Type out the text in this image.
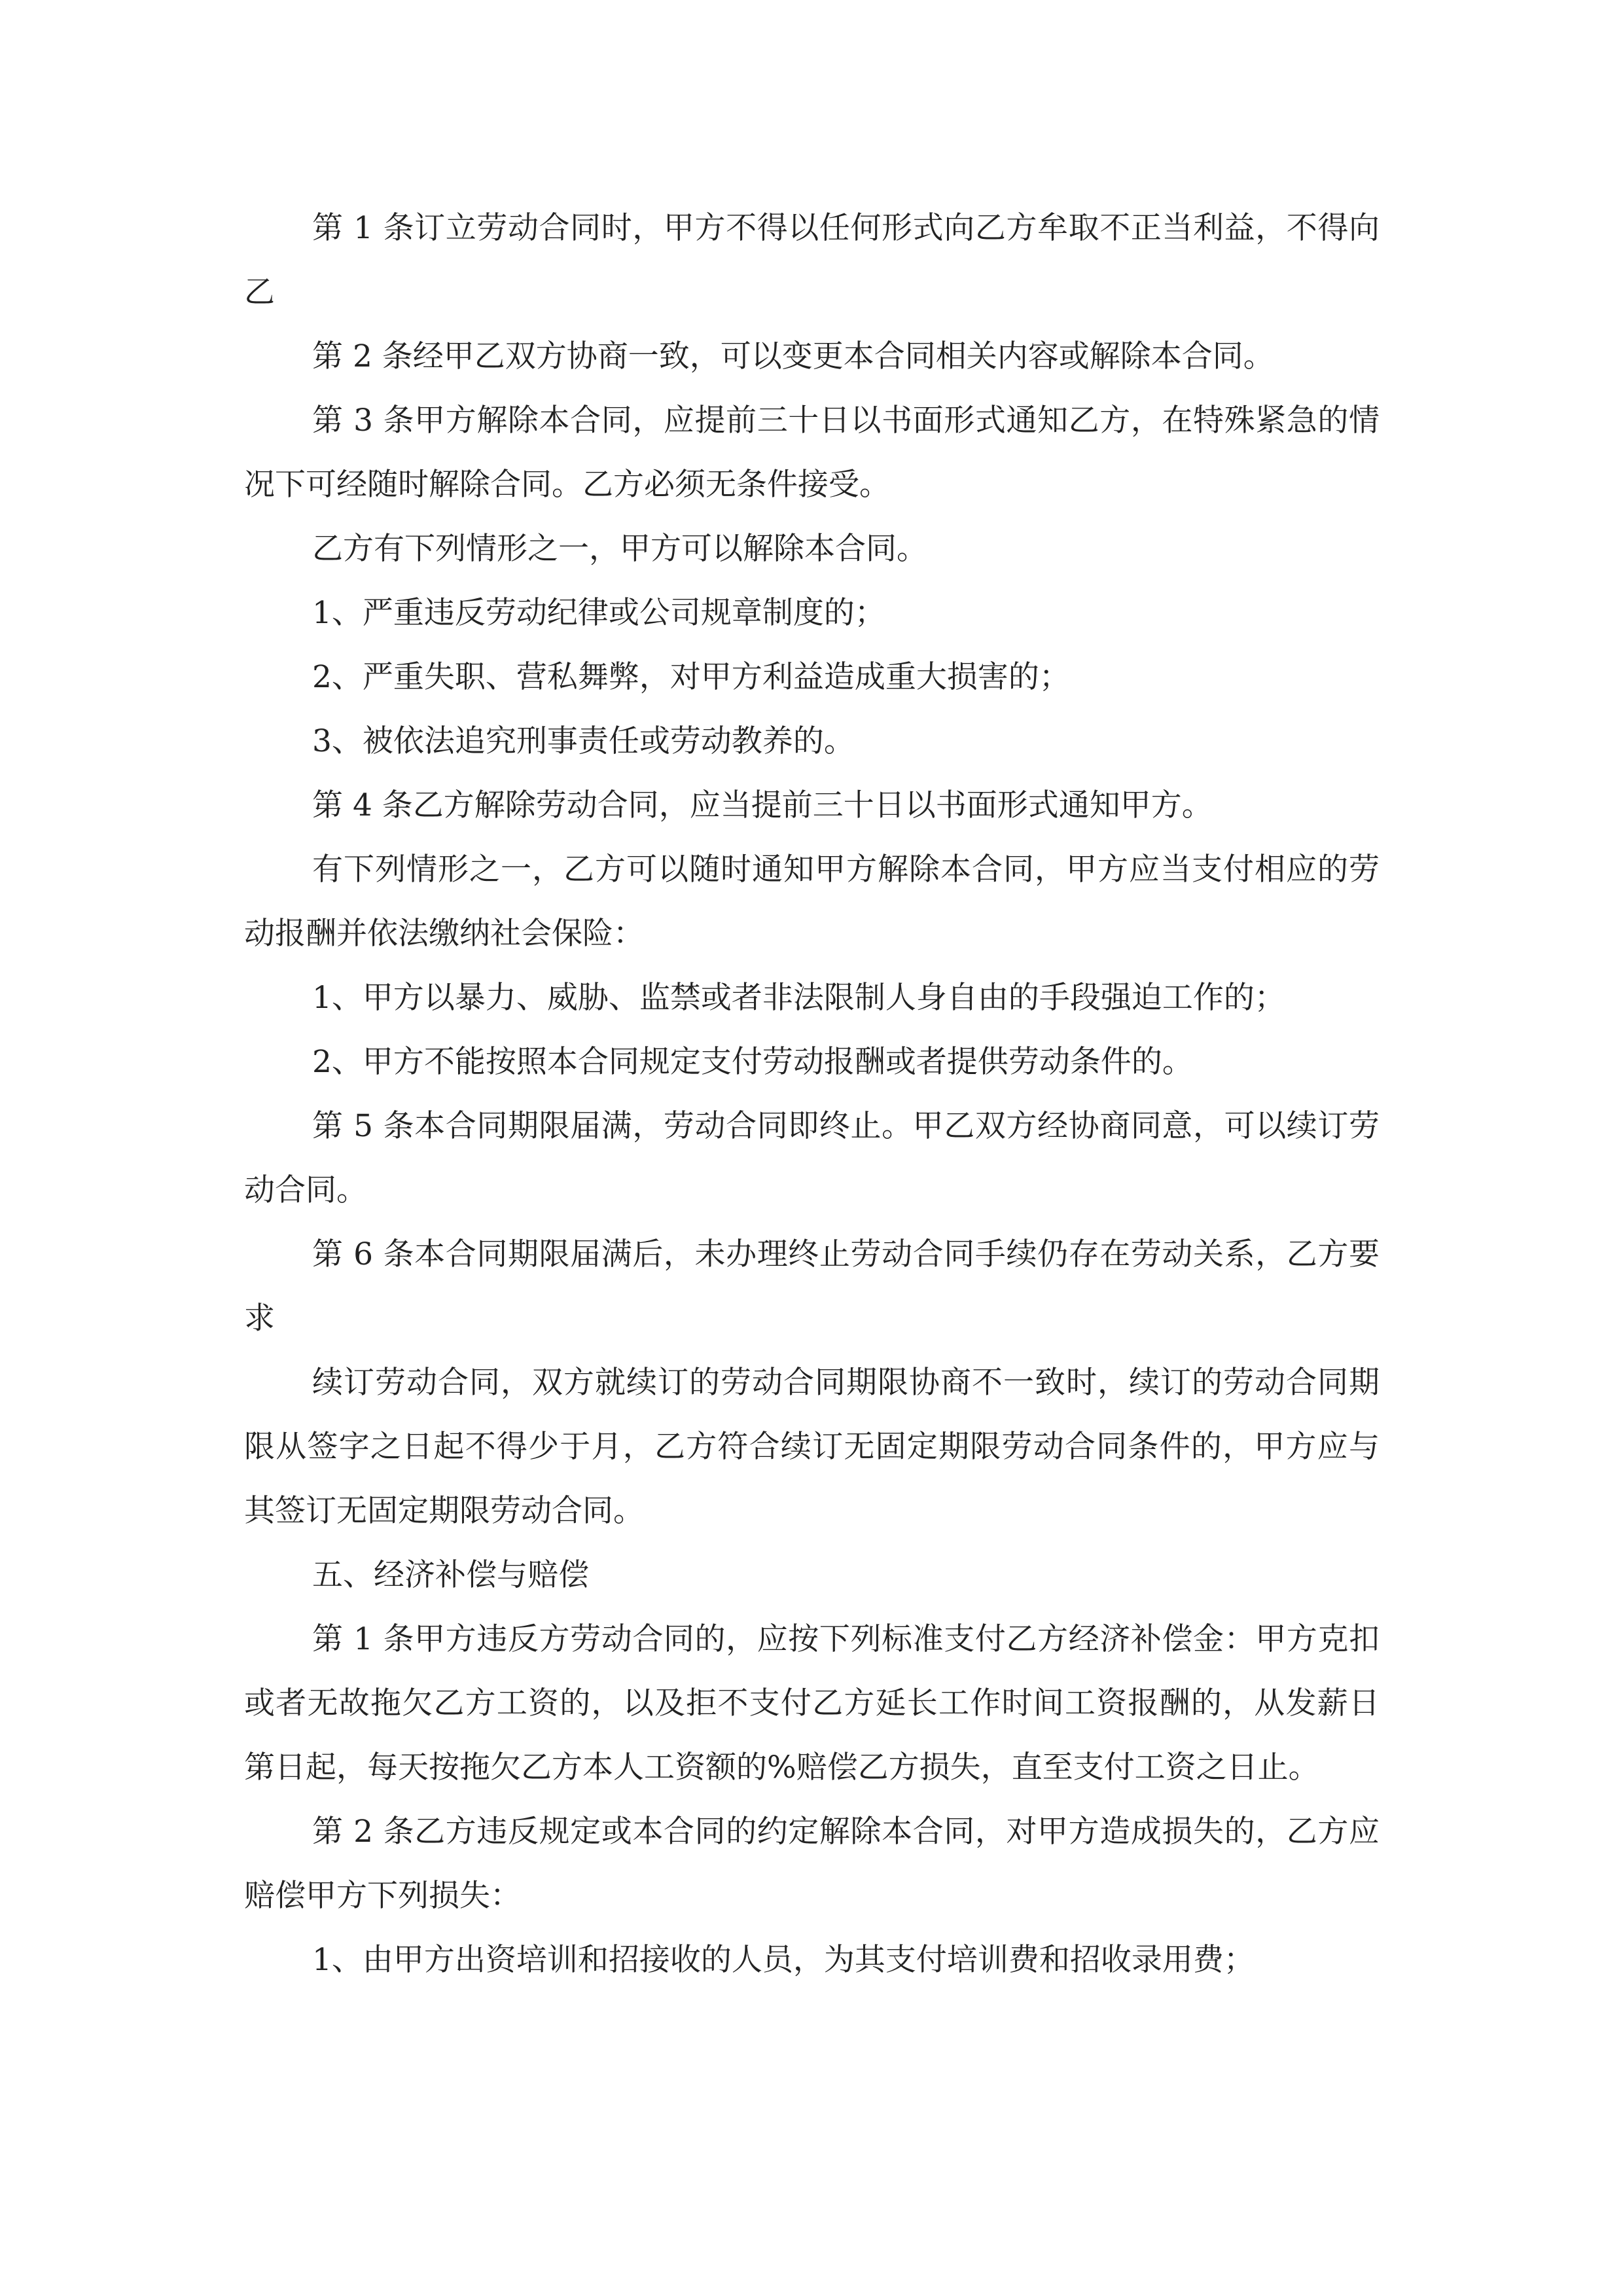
第 1 条订立劳动合同时，甲方不得以任何形式向乙方牟取不正当利益，不得向乙

第 2 条经甲乙双方协商一致，可以变更本合同相关内容或解除本合同。

第 3 条甲方解除本合同，应提前三十日以书面形式通知乙方，在特殊紧急的情况下可经随时解除合同。乙方必须无条件接受。

乙方有下列情形之一，甲方可以解除本合同。

1、严重违反劳动纪律或公司规章制度的；

2、严重失职、营私舞弊，对甲方利益造成重大损害的；

3、被依法追究刑事责任或劳动教养的。

第 4 条乙方解除劳动合同，应当提前三十日以书面形式通知甲方。

有下列情形之一，乙方可以随时通知甲方解除本合同，甲方应当支付相应的劳动报酬并依法缴纳社会保险：

1、甲方以暴力、威胁、监禁或者非法限制人身自由的手段强迫工作的；

2、甲方不能按照本合同规定支付劳动报酬或者提供劳动条件的。

第 5 条本合同期限届满，劳动合同即终止。甲乙双方经协商同意，可以续订劳动合同。

第 6 条本合同期限届满后，未办理终止劳动合同手续仍存在劳动关系，乙方要求

续订劳动合同，双方就续订的劳动合同期限协商不一致时，续订的劳动合同期限从签字之日起不得少于月，乙方符合续订无固定期限劳动合同条件的，甲方应与其签订无固定期限劳动合同。

五、经济补偿与赔偿

第 1 条甲方违反方劳动合同的，应按下列标准支付乙方经济补偿金：甲方克扣或者无故拖欠乙方工资的，以及拒不支付乙方延长工作时间工资报酬的，从发薪日第日起，每天按拖欠乙方本人工资额的%赔偿乙方损失，直至支付工资之日止。

第 2 条乙方违反规定或本合同的约定解除本合同，对甲方造成损失的，乙方应赔偿甲方下列损失：

1、由甲方出资培训和招接收的人员，为其支付培训费和招收录用费；
